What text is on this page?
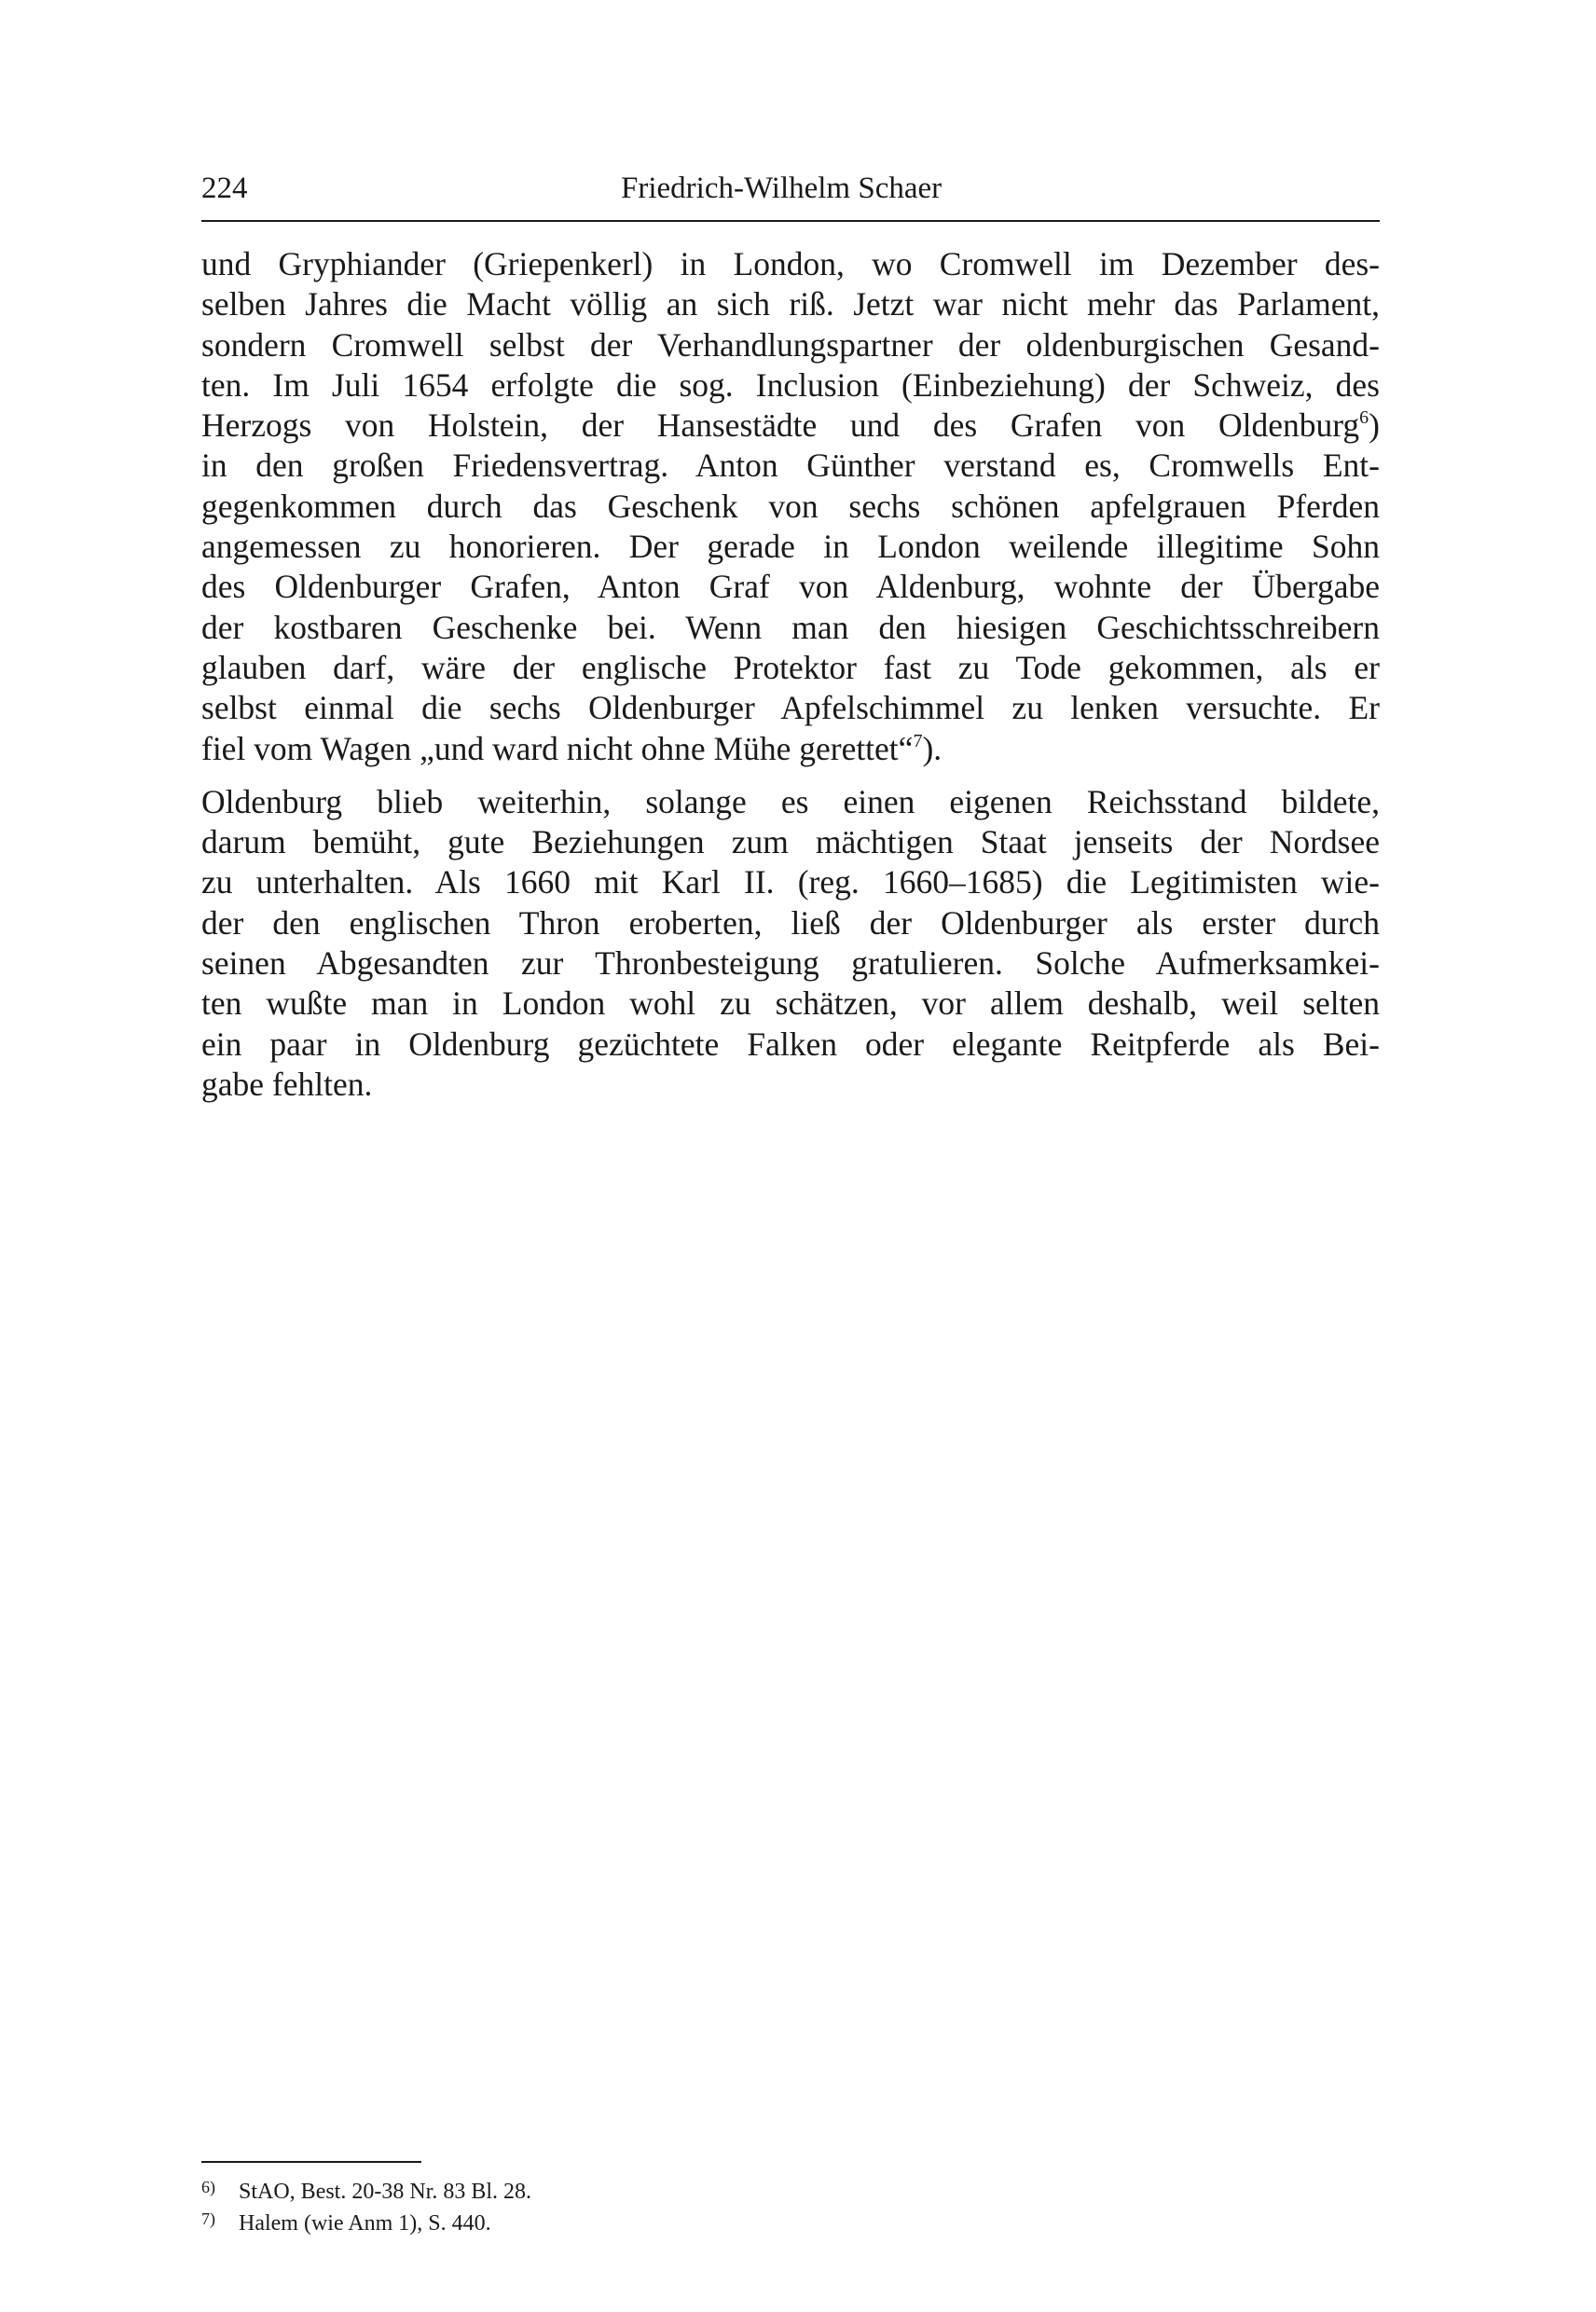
224	Friedrich-Wilhelm Schaer
und Gryphiander (Griepenkerl) in London, wo Cromwell im Dezember des-
selben Jahres die Macht völlig an sich riß. Jetzt war nicht mehr das Parlament,
sondern Cromwell selbst der Verhandlungspartner der oldenburgischen Gesand-
ten. Im Juli 1654 erfolgte die sog. Inclusion (Einbeziehung) der Schweiz, des
Herzogs von Holstein, der Hansestädte und des Grafen von Oldenburg$^6$)
in den großen Friedensvertrag. Anton Günther verstand es, Cromwells Ent-
gegenkommen durch das Geschenk von sechs schönen apfelgrauen Pferden
angemessen zu honorieren. Der gerade in London weilende illegitime Sohn
des Oldenburger Grafen, Anton Graf von Aldenburg, wohnte der Übergabe
der kostbaren Geschenke bei. Wenn man den hiesigen Geschichtsschreibern
glauben darf, wäre der englische Protektor fast zu Tode gekommen, als er
selbst einmal die sechs Oldenburger Apfelschimmel zu lenken versuchte. Er
fiel vom Wagen „und ward nicht ohne Mühe gerettet“$^7$).
Oldenburg blieb weiterhin, solange es einen eigenen Reichsstand bildete,
darum bemüht, gute Beziehungen zum mächtigen Staat jenseits der Nordsee
zu unterhalten. Als 1660 mit Karl II. (reg. 1660–1685) die Legitimisten wie-
der den englischen Thron eroberten, ließ der Oldenburger als erster durch
seinen Abgesandten zur Thronbesteigung gratulieren. Solche Aufmerksamkei-
ten wußte man in London wohl zu schätzen, vor allem deshalb, weil selten
ein paar in Oldenburg gezüchtete Falken oder elegante Reitpferde als Bei-
gabe fehlten.
6) StAO, Best. 20-38 Nr. 83 Bl. 28.
7) Halem (wie Anm 1), S. 440.
